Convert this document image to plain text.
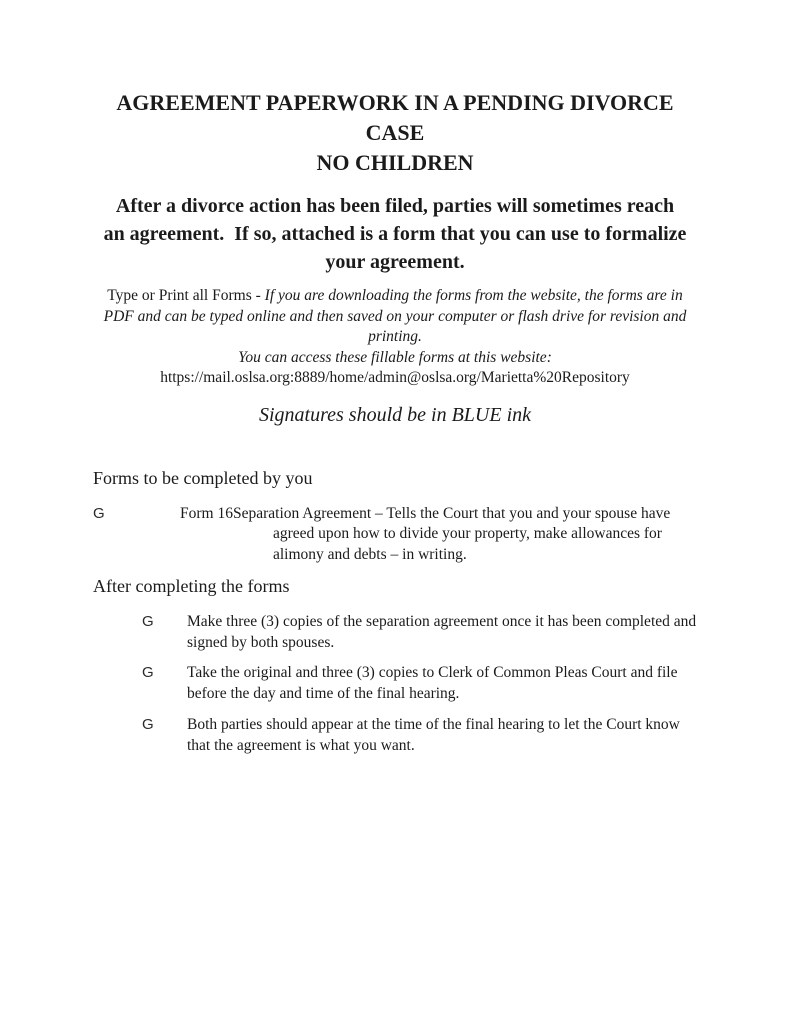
AGREEMENT PAPERWORK IN A PENDING DIVORCE CASE
NO CHILDREN
After a divorce action has been filed, parties will sometimes reach
an agreement.  If so, attached is a form that you can use to formalize
your agreement.
Type or Print all Forms - If you are downloading the forms from the website, the forms are in PDF and can be typed online and then saved on your computer or flash drive for revision and printing.
You can access these fillable forms at this website:
https://mail.oslsa.org:8889/home/admin@oslsa.org/Marietta%20Repository
Signatures should be in BLUE ink
Forms to be completed by you
G	Form 16Separation Agreement – Tells the Court that you and your spouse have
agreed upon how to divide your property, make allowances for
alimony and debts – in writing.
After completing the forms
G Make three (3) copies of the separation agreement once it has been completed and
signed by both spouses.
G Take the original and three (3) copies to Clerk of Common Pleas Court and file
before the day and time of the final hearing.
G Both parties should appear at the time of the final hearing to let the Court know
that the agreement is what you want.
